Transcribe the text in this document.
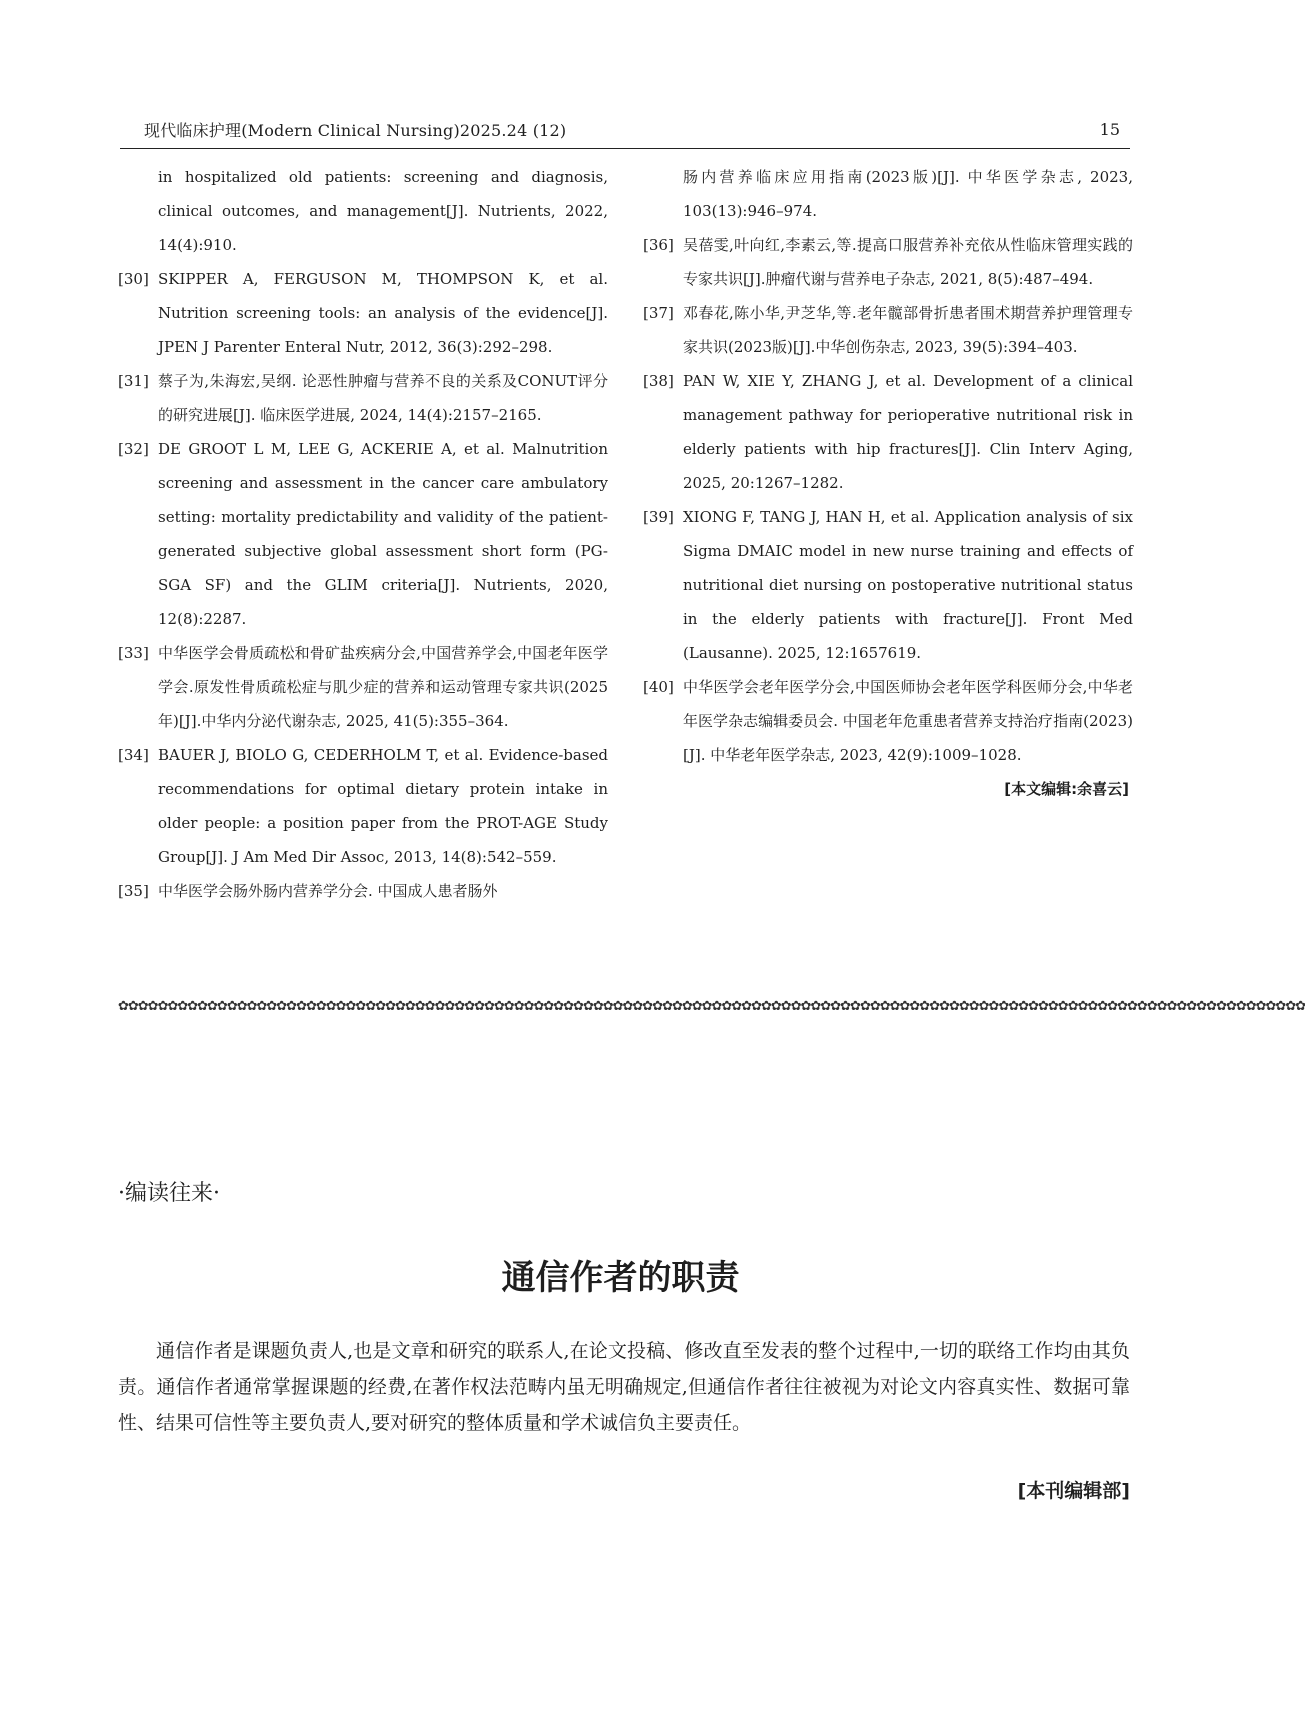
现代临床护理(Modern Clinical Nursing)2025.24 (12)	15
in hospitalized old patients: screening and diagnosis, clinical outcomes, and management[J]. Nutrients, 2022, 14(4):910.
[30] SKIPPER A, FERGUSON M, THOMPSON K, et al. Nutrition screening tools: an analysis of the evidence[J]. JPEN J Parenter Enteral Nutr, 2012, 36(3):292–298.
[31] 蔡子为,朱海宏,吴纲. 论恶性肿瘤与营养不良的关系及CONUT评分的研究进展[J]. 临床医学进展, 2024, 14(4):2157–2165.
[32] DE GROOT L M, LEE G, ACKERIE A, et al. Malnutrition screening and assessment in the cancer care ambulatory setting: mortality predictability and validity of the patient-generated subjective global assessment short form (PG-SGA SF) and the GLIM criteria[J]. Nutrients, 2020, 12(8):2287.
[33] 中华医学会骨质疏松和骨矿盐疾病分会,中国营养学会,中国老年医学学会.原发性骨质疏松症与肌少症的营养和运动管理专家共识(2025年)[J].中华内分泌代谢杂志, 2025, 41(5):355–364.
[34] BAUER J, BIOLO G, CEDERHOLM T, et al. Evidence-based recommendations for optimal dietary protein intake in older people: a position paper from the PROT-AGE Study Group[J]. J Am Med Dir Assoc, 2013, 14(8):542–559.
[35] 中华医学会肠外肠内营养学分会. 中国成人患者肠外
肠内营养临床应用指南(2023版)[J]. 中华医学杂志, 2023, 103(13):946–974.
[36] 吴蓓雯,叶向红,李素云,等.提高口服营养补充依从性临床管理实践的专家共识[J].肿瘤代谢与营养电子杂志, 2021, 8(5):487–494.
[37] 邓春花,陈小华,尹芝华,等.老年髋部骨折患者围术期营养护理管理专家共识(2023版)[J].中华创伤杂志, 2023, 39(5):394–403.
[38] PAN W, XIE Y, ZHANG J, et al. Development of a clinical management pathway for perioperative nutritional risk in elderly patients with hip fractures[J]. Clin Interv Aging, 2025, 20:1267–1282.
[39] XIONG F, TANG J, HAN H, et al. Application analysis of six Sigma DMAIC model in new nurse training and effects of nutritional diet nursing on postoperative nutritional status in the elderly patients with fracture[J]. Front Med (Lausanne). 2025, 12:1657619.
[40] 中华医学会老年医学分会,中国医师协会老年医学科医师分会,中华老年医学杂志编辑委员会. 中国老年危重患者营养支持治疗指南(2023)[J]. 中华老年医学杂志, 2023, 42(9):1009–1028.
[本文编辑:余喜云]
✿✿✿✿✿✿✿✿✿✿✿✿✿✿✿✿✿✿✿✿✿✿✿✿✿✿✿✿✿✿✿✿✿✿✿✿✿✿✿✿✿✿✿✿✿✿✿✿✿✿✿✿✿✿✿✿✿✿✿✿✿✿✿✿✿✿✿✿✿✿✿✿✿✿✿✿✿✿✿✿✿✿✿✿✿✿✿✿✿✿✿✿✿✿✿✿✿✿✿✿✿✿✿✿✿✿✿✿✿✿✿✿✿✿✿✿✿✿✿✿
·编读往来·
通信作者的职责
通信作者是课题负责人,也是文章和研究的联系人,在论文投稿、修改直至发表的整个过程中,一切的联络工作均由其负责。通信作者通常掌握课题的经费,在著作权法范畴内虽无明确规定,但通信作者往往被视为对论文内容真实性、数据可靠性、结果可信性等主要负责人,要对研究的整体质量和学术诚信负主要责任。
[本刊编辑部]
